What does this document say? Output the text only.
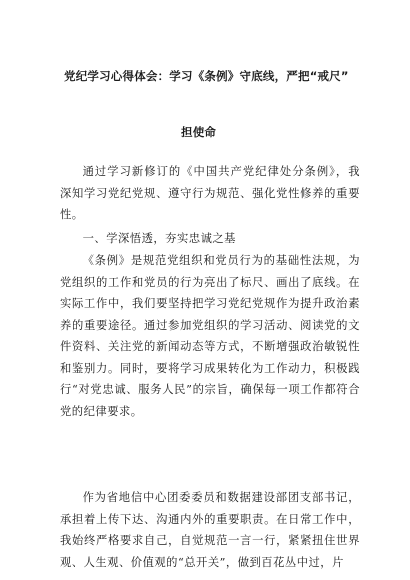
党纪学习心得体会：学习《条例》守底线，严把“戒尺”
担使命

通过学习新修订的《中国共产党纪律处分条例》，我深知学习党纪党规、遵守行为规范、强化党性修养的重要性。

一、学深悟透，夯实忠诚之基

《条例》是规范党组织和党员行为的基础性法规，为党组织的工作和党员的行为亮出了标尺、画出了底线。在实际工作中，我们要坚持把学习党纪党规作为提升政治素养的重要途径。通过参加党组织的学习活动、阅读党的文件资料、关注党的新闻动态等方式，不断增强政治敏锐性和鉴别力。同时，要将学习成果转化为工作动力，积极践行“对党忠诚、服务人民”的宗旨，确保每一项工作都符合党的纪律要求。

作为省地信中心团委委员和数据建设部团支部书记，承担着上传下达、沟通内外的重要职责。在日常工作中，我始终严格要求自己，自觉规范一言一行，紧紧扭住世界观、人生观、价值观的“总开关”，做到百花丛中过，片
